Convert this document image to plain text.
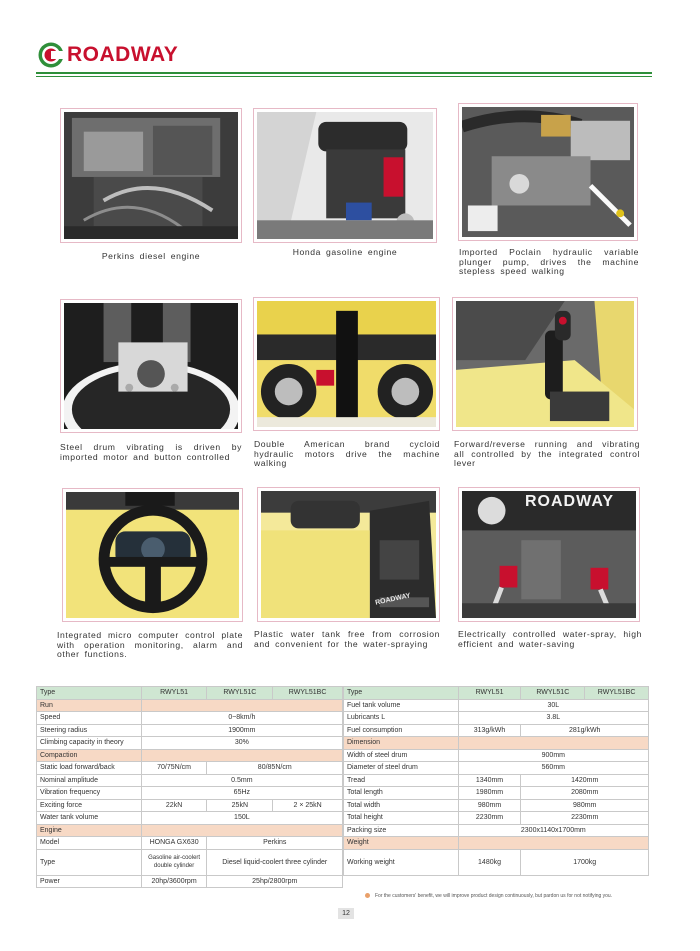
ROADWAY
Perkins diesel engine	Honda gasoline engine	Imported Poclain hydraulic variable plunger pump, drives the machine stepless speed walking
Steel drum vibrating is driven by imported motor and button controlled
Double American brand cycloid hydraulic motors drive the machine walking
Forward/reverse running and vibrating all controlled by the integrated control lever
Integrated micro computer control plate with operation monitoring, alarm and other functions.
ROADWAY
Plastic water tank free from corrosion and convenient for the water-spraying
ROADWAY
Electrically controlled water-spray, high efficient and water-saving
Type	RWYL51	RWYL51C	RWYL51BC
Run			
Speed	0~8km/h		
Steering radius	1900mm		
Climbing capacity in theory	30%		
Compaction			
Static load forward/back	70/75N/cm	80/85N/cm	
Nominal amplitude	0.5mm		
Vibration frequency	65Hz		
Exciting force	22kN	25kN	2 × 25kN
Water tank volume	150L		
Engine			
Model	HONGA GX630	Perkins	
Type	Gasoline air-coolert double cylinder	Diesel liquid-coolert three cylinder	
Power	20hp/3600rpm	25hp/2800rpm	
Type	RWYL51	RWYL51C	RWYL51BC
Fuel tank volume	30L		
Lubricants L	3.8L		
Fuel consumption	313g/kWh	281g/kWh	
Dimension			
Width of steel drum	900mm		
Diameter of steel drum	560mm		
Tread	1340mm	1420mm	
Total length	1980mm	2080mm	
Total width	980mm	980mm	
Total height	2230mm	2230mm	
Packing size	2300x1140x1700mm		
Weight			
Working weight	1480kg	1700kg	
For the customers' benefit, we will improve product design continuously, but pardon us for not notifying you.
12
